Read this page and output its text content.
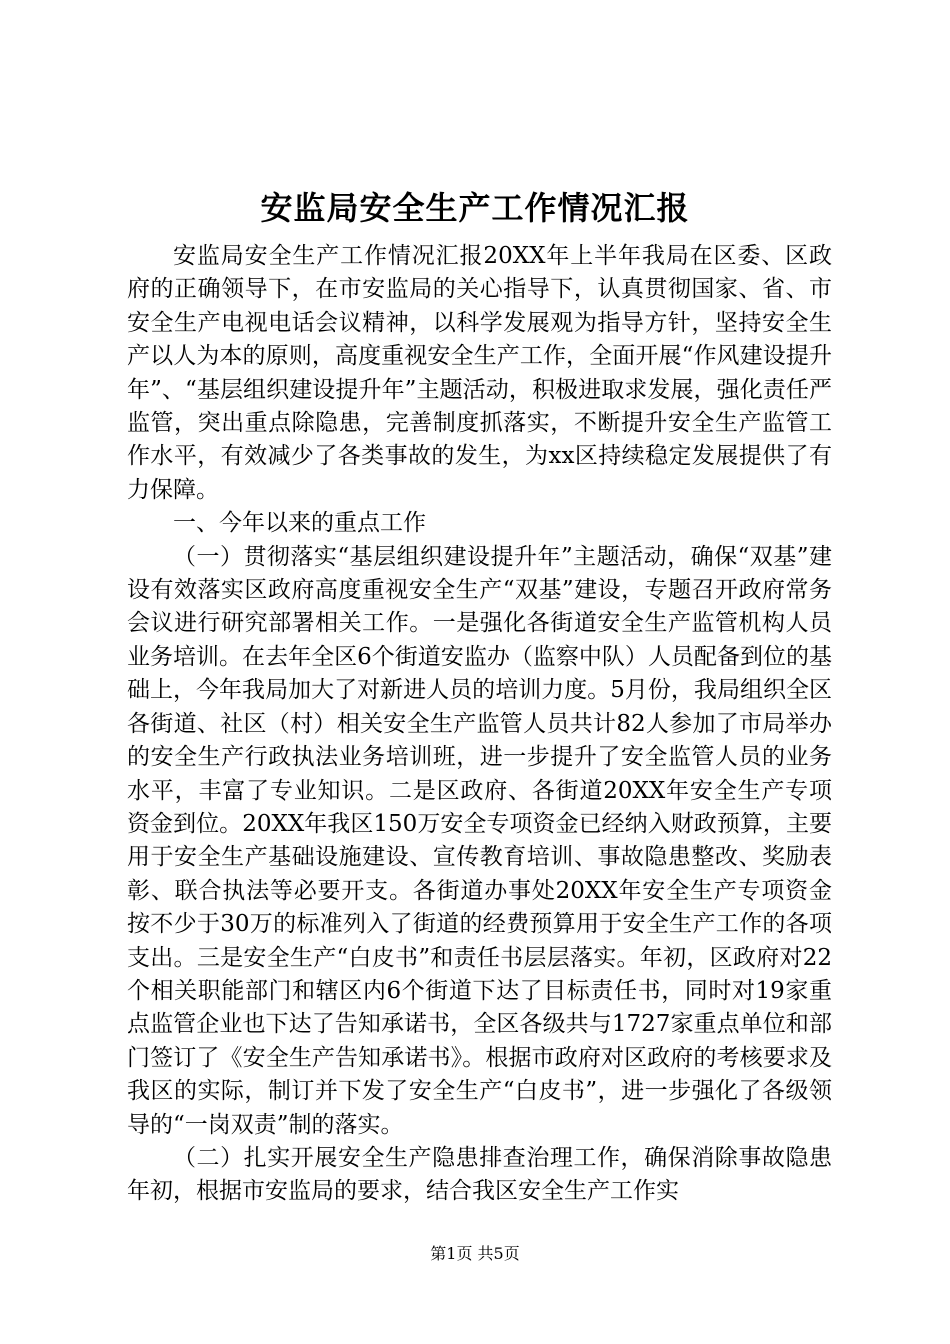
安监局安全生产工作情况汇报

安监局安全生产工作情况汇报20XX年上半年我局在区委、区政府的正确领导下，在市安监局的关心指导下，认真贯彻国家、省、市安全生产电视电话会议精神，以科学发展观为指导方针，坚持安全生产以人为本的原则，高度重视安全生产工作，全面开展“作风建设提升年”、“基层组织建设提升年”主题活动，积极进取求发展，强化责任严监管，突出重点除隐患，完善制度抓落实，不断提升安全生产监管工作水平，有效减少了各类事故的发生，为xx区持续稳定发展提供了有力保障。

一、今年以来的重点工作

（一）贯彻落实“基层组织建设提升年”主题活动，确保“双基”建设有效落实区政府高度重视安全生产“双基”建设，专题召开政府常务会议进行研究部署相关工作。一是强化各街道安全生产监管机构人员业务培训。在去年全区6个街道安监办（监察中队）人员配备到位的基础上，今年我局加大了对新进人员的培训力度。5月份，我局组织全区各街道、社区（村）相关安全生产监管人员共计82人参加了市局举办的安全生产行政执法业务培训班，进一步提升了安全监管人员的业务水平，丰富了专业知识。二是区政府、各街道20XX年安全生产专项资金到位。20XX年我区150万安全专项资金已经纳入财政预算，主要用于安全生产基础设施建设、宣传教育培训、事故隐患整改、奖励表彰、联合执法等必要开支。各街道办事处20XX年安全生产专项资金按不少于30万的标准列入了街道的经费预算用于安全生产工作的各项支出。三是安全生产“白皮书”和责任书层层落实。年初，区政府对22个相关职能部门和辖区内6个街道下达了目标责任书，同时对19家重点监管企业也下达了告知承诺书，全区各级共与1727家重点单位和部门签订了《安全生产告知承诺书》。根据市政府对区政府的考核要求及我区的实际，制订并下发了安全生产“白皮书”，进一步强化了各级领导的“一岗双责”制的落实。

（二）扎实开展安全生产隐患排查治理工作，确保消除事故隐患年初，根据市安监局的要求，结合我区安全生产工作实

第1页 共5页
